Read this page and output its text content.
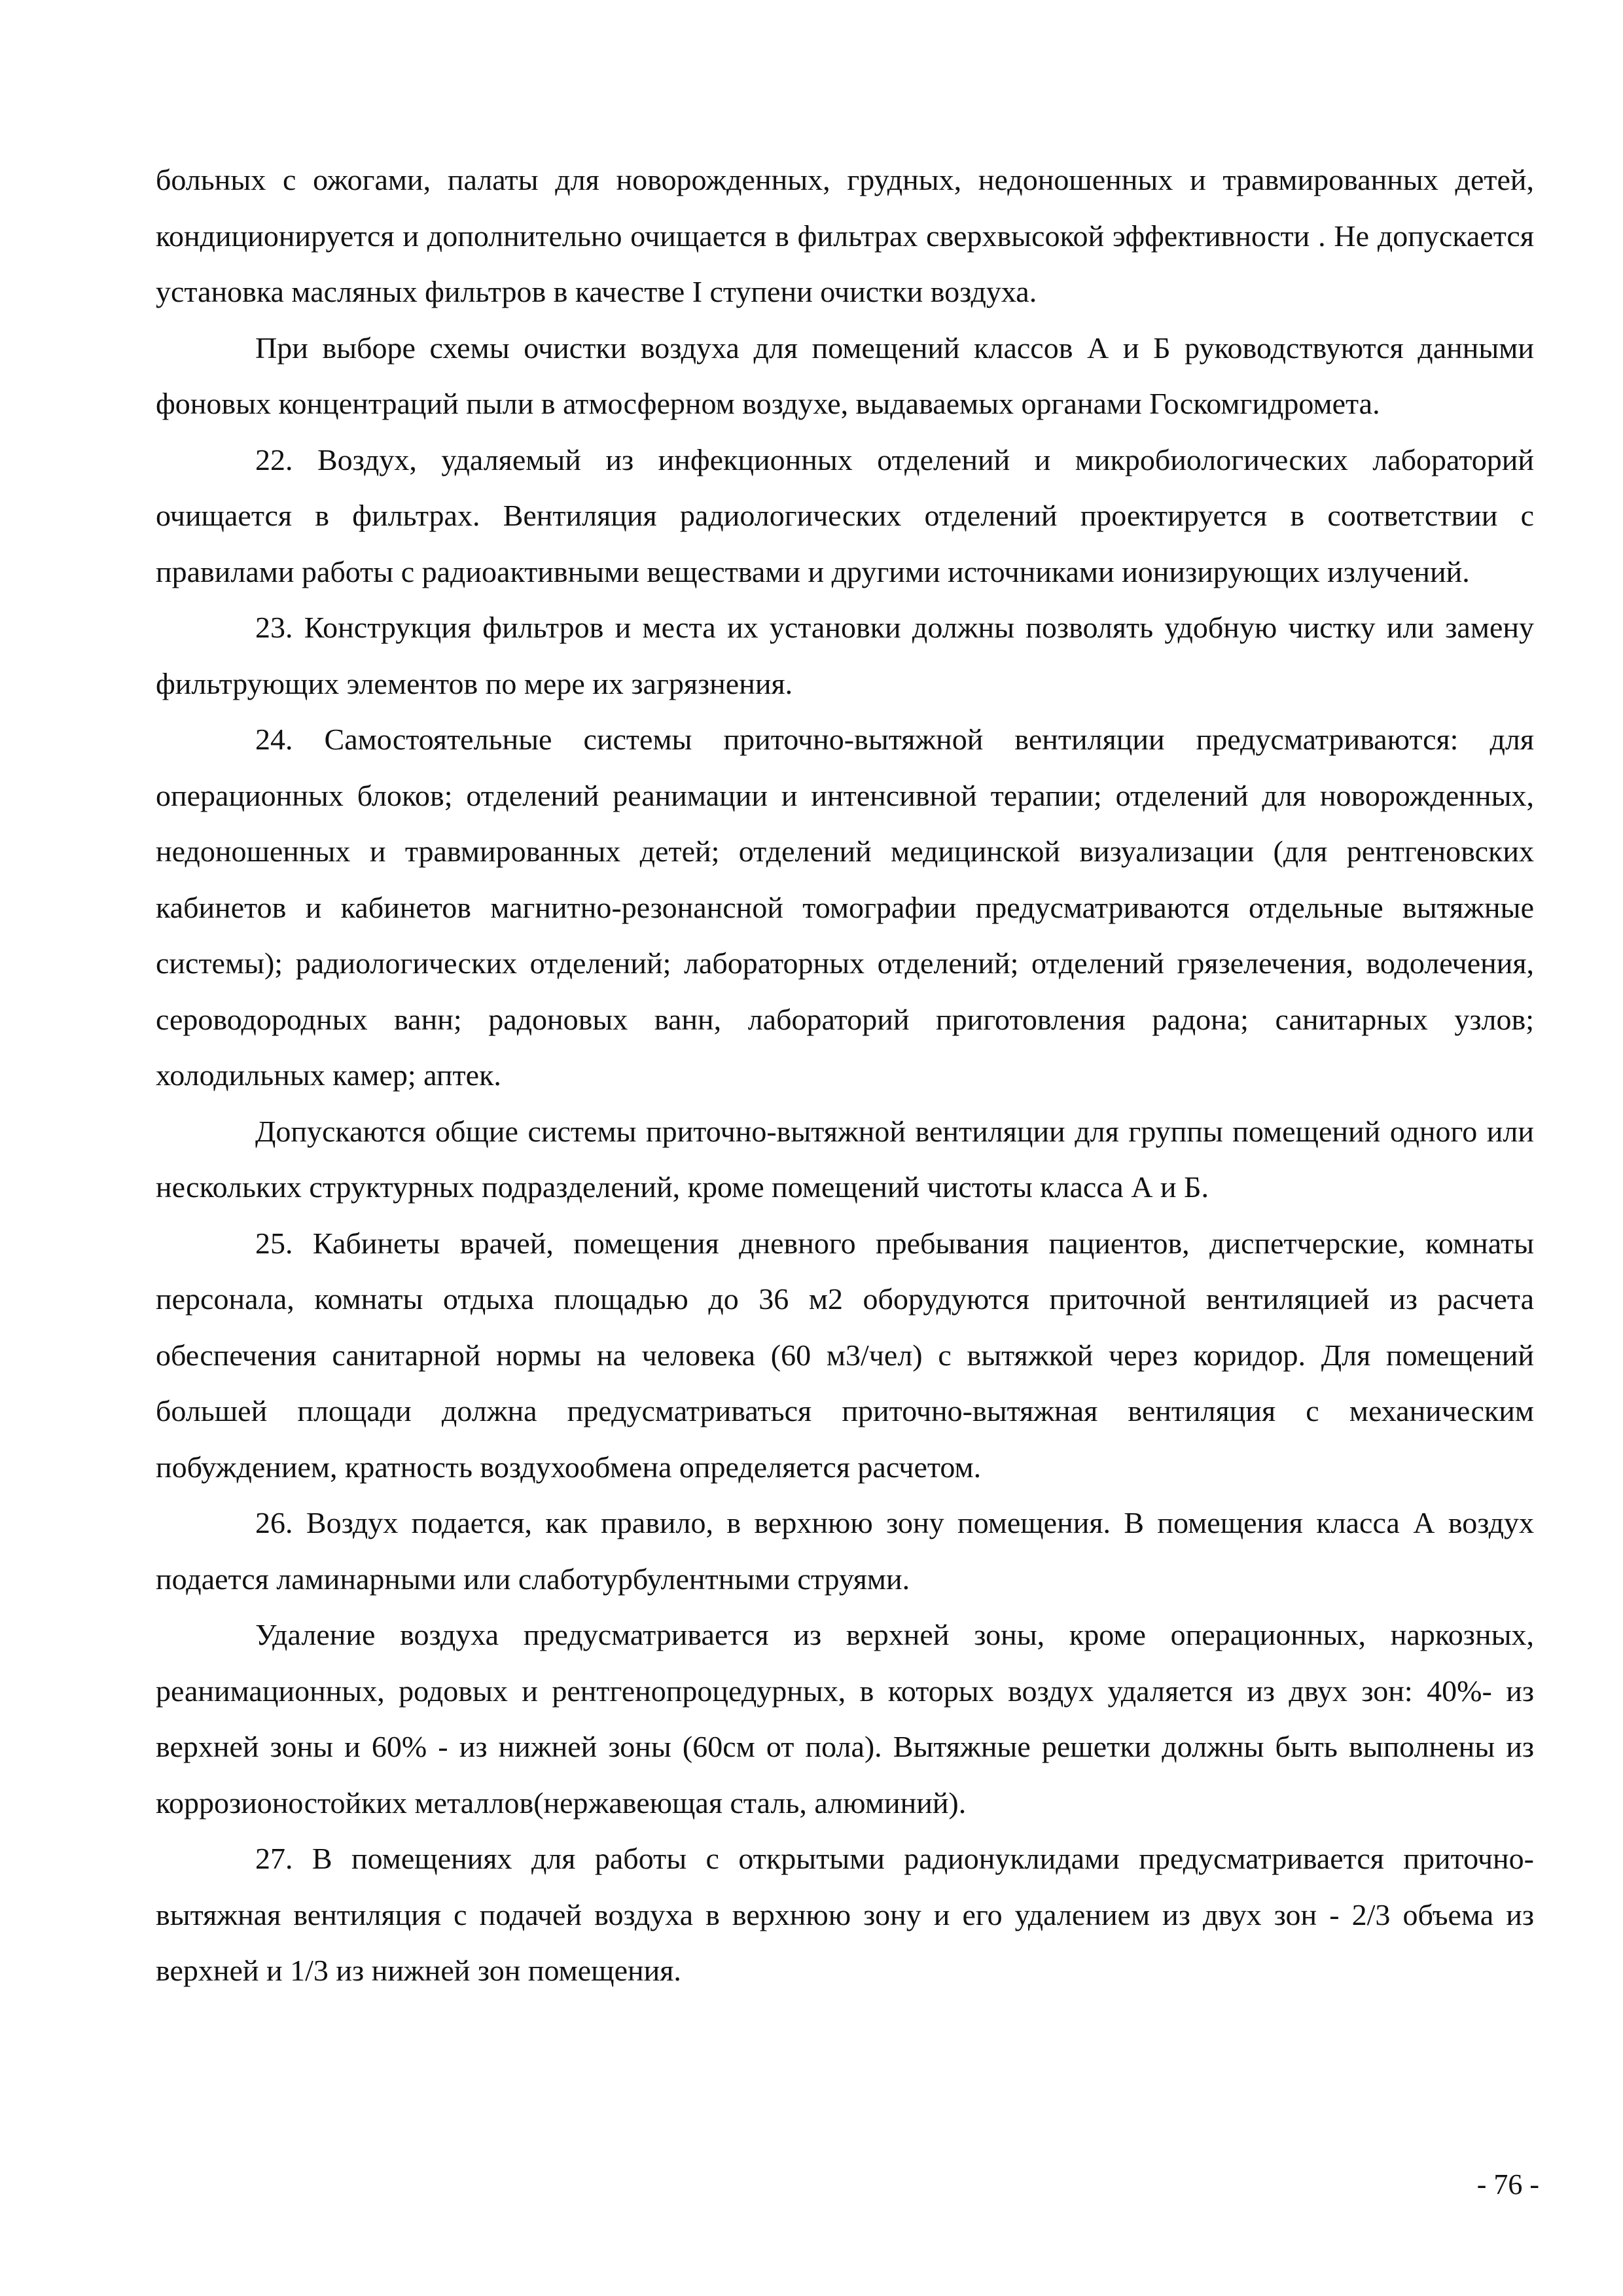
больных с ожогами, палаты для новорожденных, грудных, недоношенных и травмированных детей, кондиционируется и дополнительно очищается в фильтрах сверхвысокой эффективности . Не допускается установка масляных фильтров в качестве I ступени очистки воздуха.

При выборе схемы очистки воздуха для помещений классов А и Б руководствуются данными фоновых концентраций пыли в атмосферном воздухе, выдаваемых органами Госкомгидромета.

22. Воздух, удаляемый из инфекционных отделений и микробиологических лабораторий очищается в фильтрах. Вентиляция радиологических отделений проектируется в соответствии с правилами работы с радиоактивными веществами и другими источниками ионизирующих излучений.

23. Конструкция фильтров и места их установки должны позволять удобную чистку или замену фильтрующих элементов по мере их загрязнения.

24. Самостоятельные системы приточно-вытяжной вентиляции предусматриваются: для операционных блоков; отделений реанимации и интенсивной терапии; отделений для новорожденных, недоношенных и травмированных детей; отделений медицинской визуализации (для рентгеновских кабинетов и кабинетов магнитно-резонансной томографии предусматриваются отдельные вытяжные системы); радиологических отделений; лабораторных отделений; отделений грязелечения, водолечения, сероводородных ванн; радоновых ванн, лабораторий приготовления радона; санитарных узлов; холодильных камер; аптек.

Допускаются общие системы приточно-вытяжной вентиляции для группы помещений одного или нескольких структурных подразделений, кроме помещений чистоты класса А и Б.

25. Кабинеты врачей, помещения дневного пребывания пациентов, диспетчерские, комнаты персонала, комнаты отдыха площадью до 36 м2 оборудуются приточной вентиляцией из расчета обеспечения санитарной нормы на человека (60 м3/чел) с вытяжкой через коридор. Для помещений большей площади должна предусматриваться приточно-вытяжная вентиляция с механическим побуждением, кратность воздухообмена определяется расчетом.

26. Воздух подается, как правило, в верхнюю зону помещения. В помещения класса А воздух подается ламинарными или слаботурбулентными струями.

Удаление воздуха предусматривается из верхней зоны, кроме операционных, наркозных, реанимационных, родовых и рентгенопроцедурных, в которых воздух удаляется из двух зон: 40%- из верхней зоны и 60% - из нижней зоны (60см от пола). Вытяжные решетки должны быть выполнены из коррозионостойких металлов(нержавеющая сталь, алюминий).

27. В помещениях для работы с открытыми радионуклидами предусматривается приточно-вытяжная вентиляция с подачей воздуха в верхнюю зону и его удалением из двух зон - 2/3 объема из верхней и 1/3 из нижней зон помещения.

- 76 -
